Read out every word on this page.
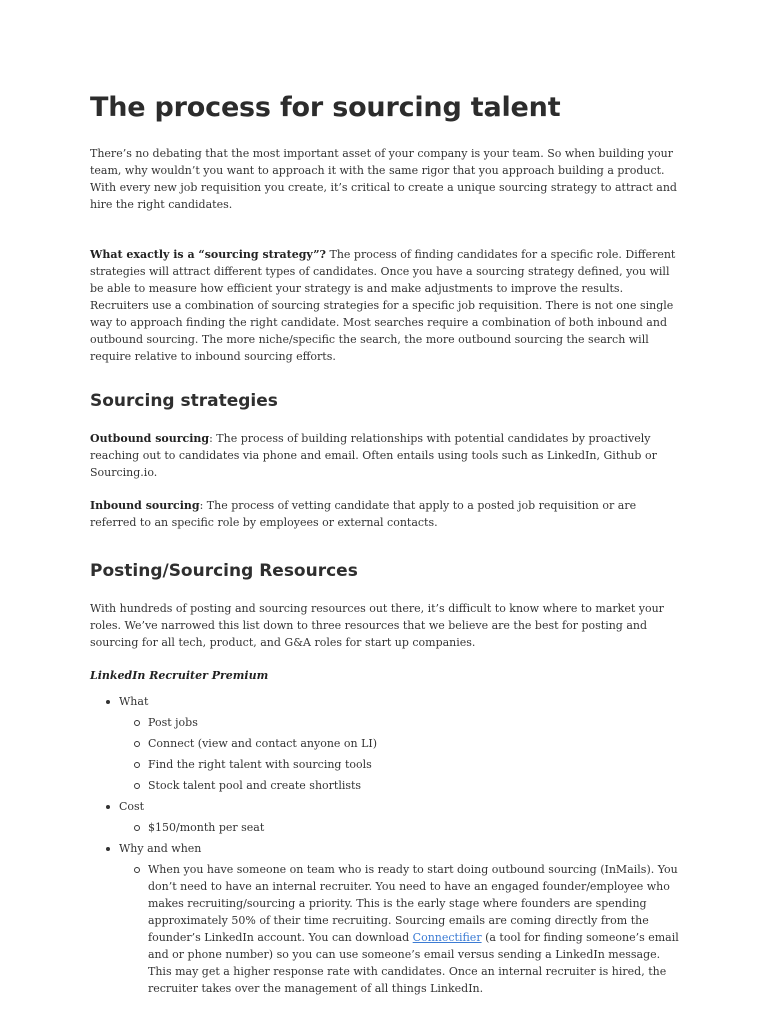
The process for sourcing talent

There’s no debating that the most important asset of your company is your team. So when building your team, why wouldn’t you want to approach it with the same rigor that you approach building a product. With every new job requisition you create, it’s critical to create a unique sourcing strategy to attract and hire the right candidates.

What exactly is a “sourcing strategy”? The process of finding candidates for a specific role. Different strategies will attract different types of candidates. Once you have a sourcing strategy defined, you will be able to measure how efficient your strategy is and make adjustments to improve the results. Recruiters use a combination of sourcing strategies for a specific job requisition. There is not one single way to approach finding the right candidate. Most searches require a combination of both inbound and outbound sourcing. The more niche/specific the search, the more outbound sourcing the search will require relative to inbound sourcing efforts.

Sourcing strategies

Outbound sourcing: The process of building relationships with potential candidates by proactively reaching out to candidates via phone and email. Often entails using tools such as LinkedIn, Github or Sourcing.io.

Inbound sourcing: The process of vetting candidate that apply to a posted job requisition or are referred to an specific role by employees or external contacts.

Posting/Sourcing Resources

With hundreds of posting and sourcing resources out there, it’s difficult to know where to market your roles. We’ve narrowed this list down to three resources that we believe are the best for posting and sourcing for all tech, product, and G&A roles for start up companies.

LinkedIn Recruiter Premium

What
Post jobs
Connect (view and contact anyone on LI)
Find the right talent with sourcing tools
Stock talent pool and create shortlists
Cost
$150/month per seat
Why and when
When you have someone on team who is ready to start doing outbound sourcing (InMails). You don’t need to have an internal recruiter. You need to have an engaged founder/employee who makes recruiting/sourcing a priority. This is the early stage where founders are spending approximately 50% of their time recruiting. Sourcing emails are coming directly from the founder’s LinkedIn account. You can download Connectifier (a tool for finding someone’s email and or phone number) so you can use someone’s email versus sending a LinkedIn message. This may get a higher response rate with candidates. Once an internal recruiter is hired, the recruiter takes over the management of all things LinkedIn.
